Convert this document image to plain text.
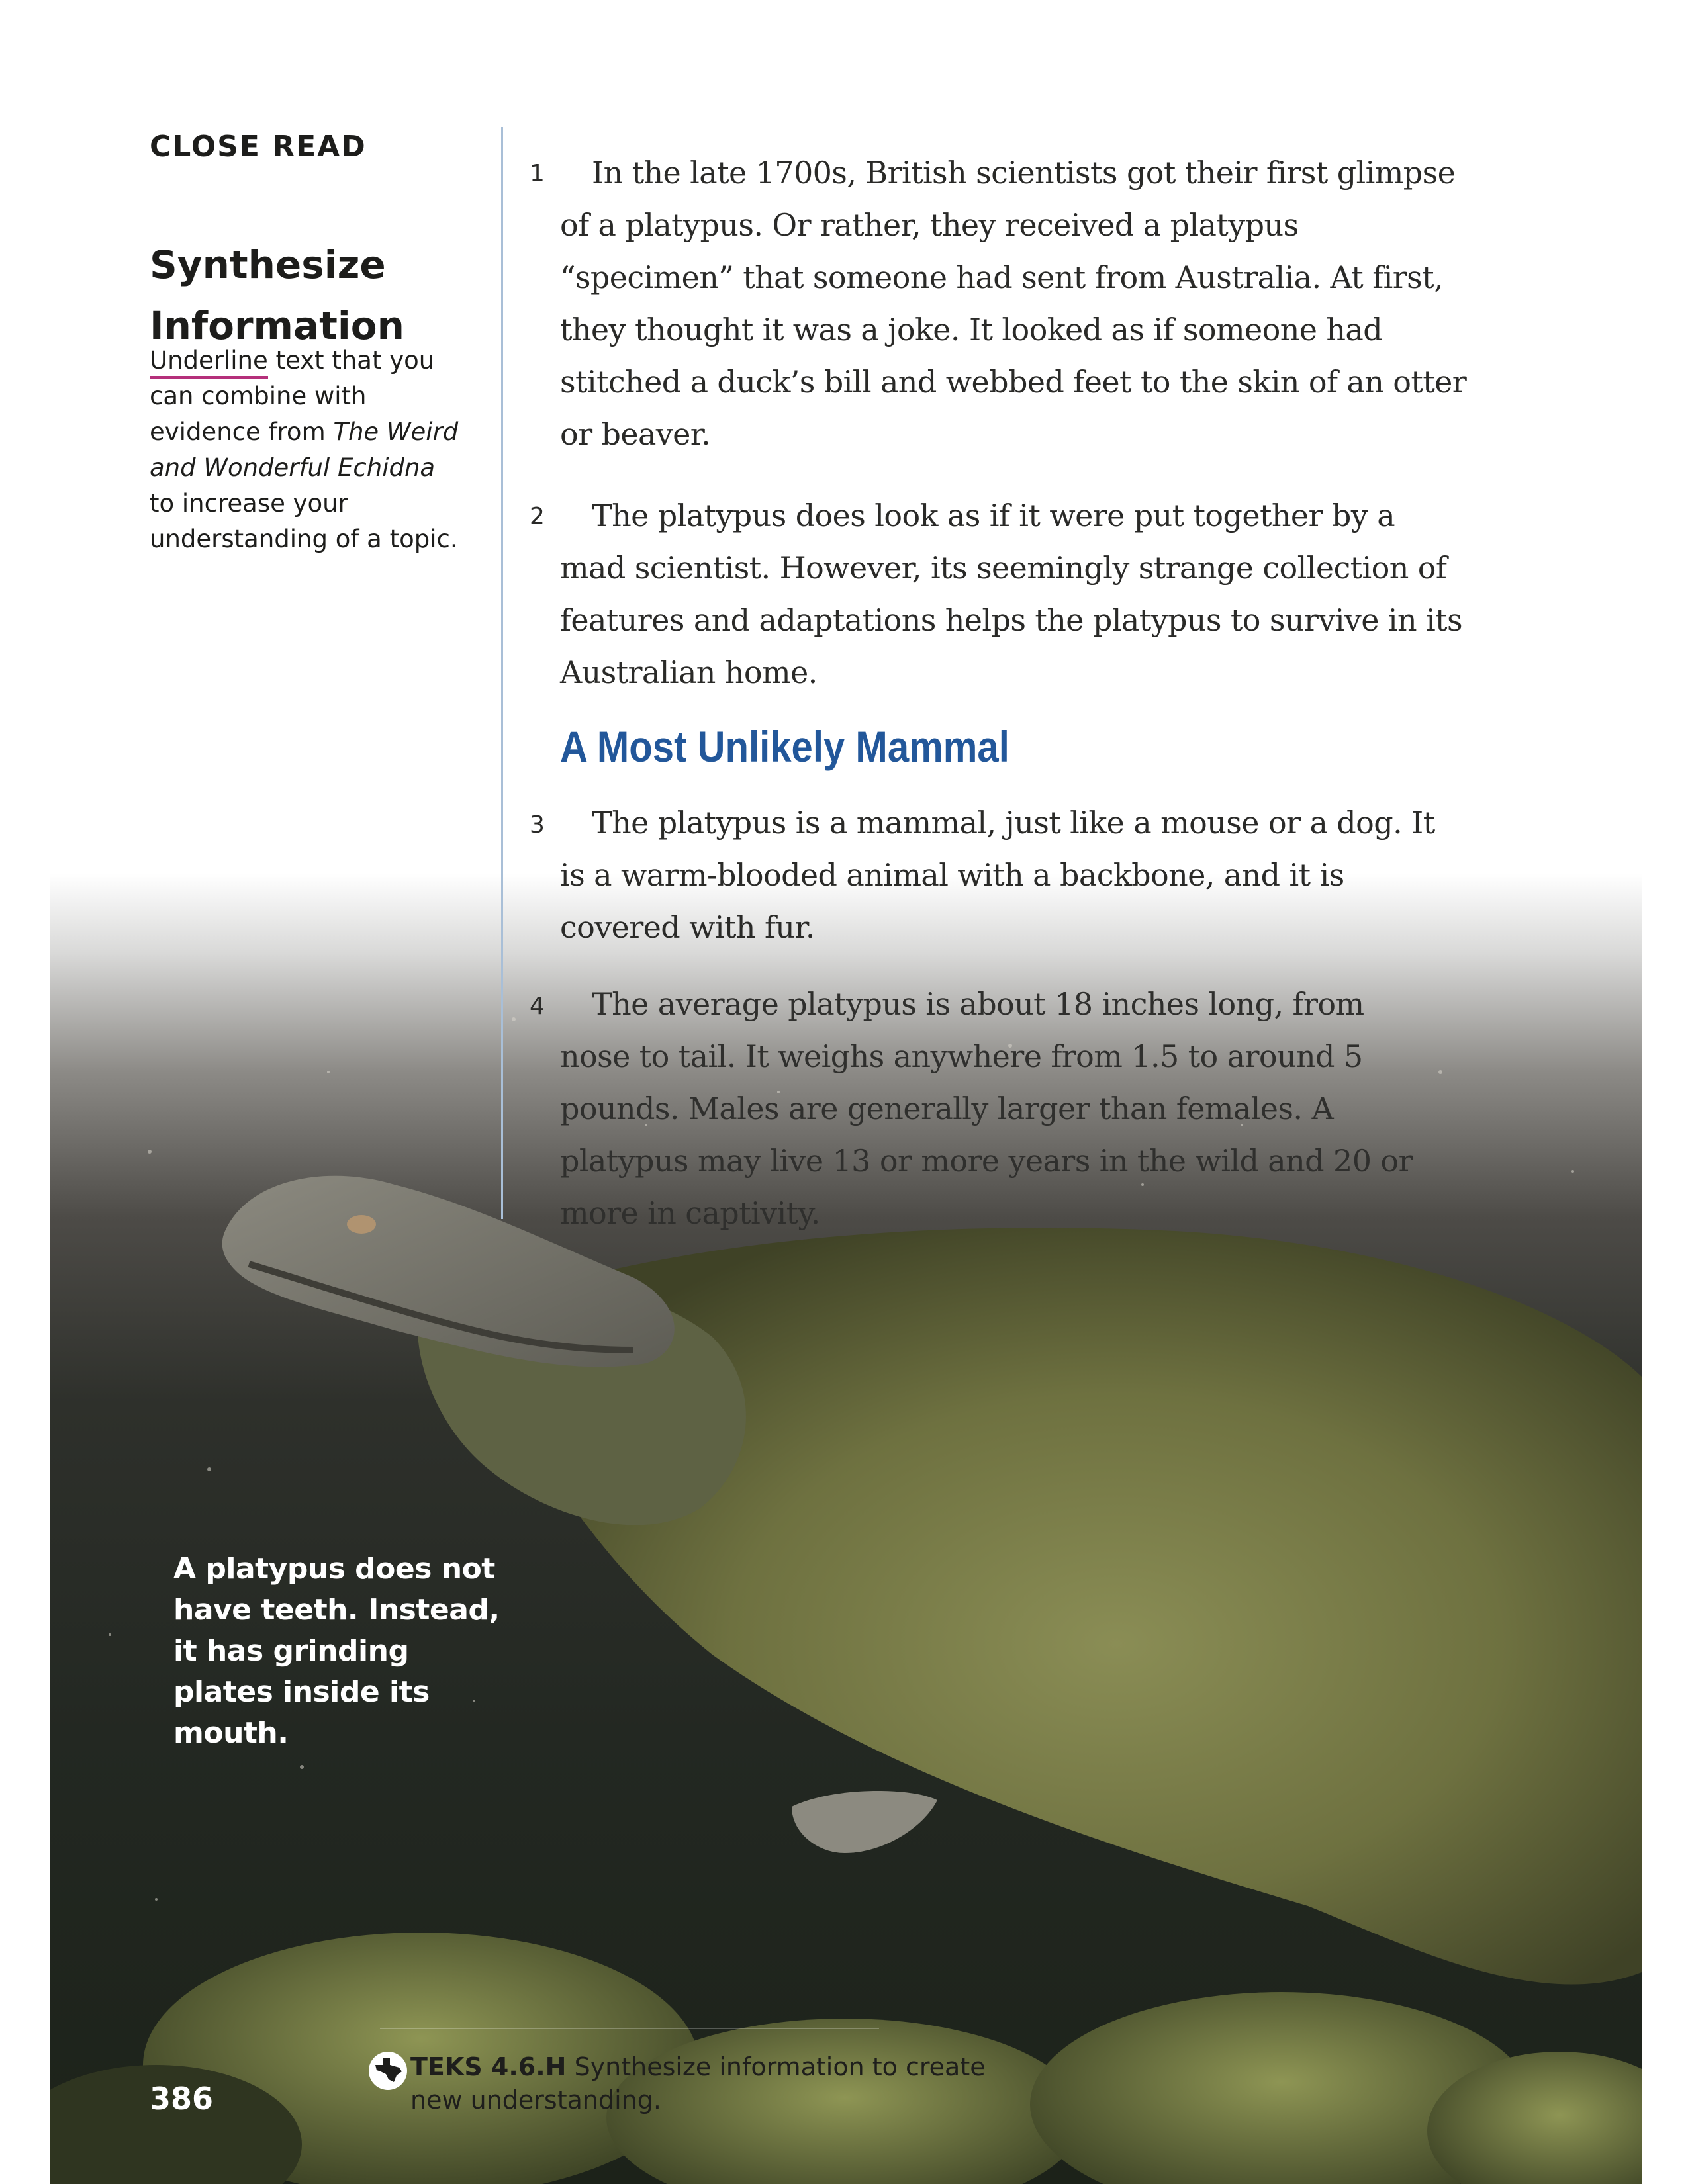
CLOSE READ
Synthesize
Information

Underline text that you can combine with evidence from The Weird and Wonderful Echidna to increase your understanding of a topic.

1	In the late 1700s, British scientists got their first glimpse of a platypus. Or rather, they received a platypus “specimen” that someone had sent from Australia. At first, they thought it was a joke. It looked as if someone had stitched a duck’s bill and webbed feet to the skin of an otter or beaver.

2	The platypus does look as if it were put together by a mad scientist. However, its seemingly strange collection of features and adaptations helps the platypus to survive in its Australian home.

A Most Unlikely Mammal
3	The platypus is a mammal, just like a mouse or a dog. It is a warm-blooded animal with a backbone, and it is covered with fur.

4	The average platypus is about 18 inches long, from nose to tail. It weighs anywhere from 1.5 to around 5 pounds. Males are generally larger than females. A platypus may live 13 or more years in the wild and 20 or more in captivity.

A platypus does not have teeth. Instead, it has grinding plates inside its mouth.

TEKS 4.6.H Synthesize information to create new understanding.

386
